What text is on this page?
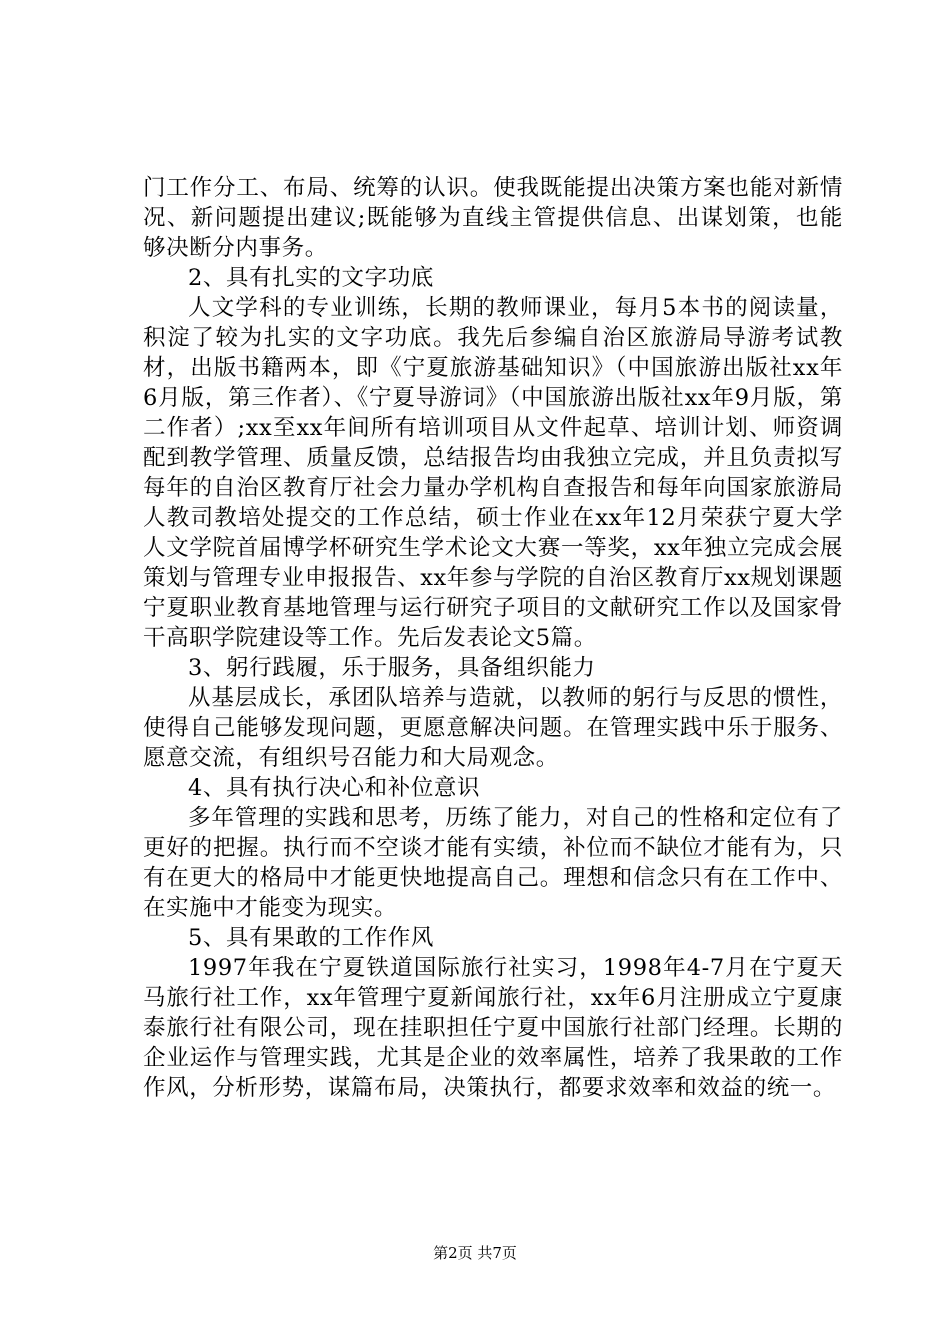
门工作分工、布局、统筹的认识。使我既能提出决策方案也能对新情况、新问题提出建议;既能够为直线主管提供信息、出谋划策，也能够决断分内事务。

2、具有扎实的文字功底

人文学科的专业训练，长期的教师课业，每月5本书的阅读量，积淀了较为扎实的文字功底。我先后参编自治区旅游局导游考试教材，出版书籍两本，即《宁夏旅游基础知识》（中国旅游出版社xx年6月版，第三作者）、《宁夏导游词》（中国旅游出版社xx年9月版，第二作者）;xx至xx年间所有培训项目从文件起草、培训计划、师资调配到教学管理、质量反馈，总结报告均由我独立完成，并且负责拟写每年的自治区教育厅社会力量办学机构自查报告和每年向国家旅游局人教司教培处提交的工作总结，硕士作业在xx年12月荣获宁夏大学人文学院首届博学杯研究生学术论文大赛一等奖，xx年独立完成会展策划与管理专业申报报告、xx年参与学院的自治区教育厅xx规划课题宁夏职业教育基地管理与运行研究子项目的文献研究工作以及国家骨干高职学院建设等工作。先后发表论文5篇。

3、躬行践履，乐于服务，具备组织能力

从基层成长，承团队培养与造就，以教师的躬行与反思的惯性，使得自己能够发现问题，更愿意解决问题。在管理实践中乐于服务、愿意交流，有组织号召能力和大局观念。

4、具有执行决心和补位意识

多年管理的实践和思考，历练了能力，对自己的性格和定位有了更好的把握。执行而不空谈才能有实绩，补位而不缺位才能有为，只有在更大的格局中才能更快地提高自己。理想和信念只有在工作中、在实施中才能变为现实。

5、具有果敢的工作作风

1997年我在宁夏铁道国际旅行社实习，1998年4-7月在宁夏天马旅行社工作，xx年管理宁夏新闻旅行社，xx年6月注册成立宁夏康泰旅行社有限公司，现在挂职担任宁夏中国旅行社部门经理。长期的企业运作与管理实践，尤其是企业的效率属性，培养了我果敢的工作作风，分析形势，谋篇布局，决策执行，都要求效率和效益的统一。

第2页 共7页
